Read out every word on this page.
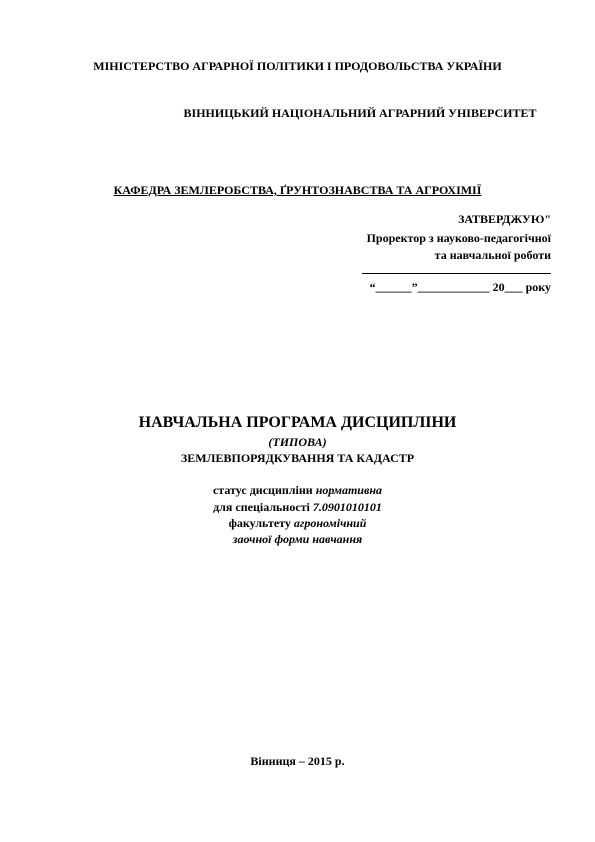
МІНІСТЕРСТВО АГРАРНОЇ ПОЛІТИКИ І ПРОДОВОЛЬСТВА УКРАЇНИ
ВІННИЦЬКИЙ НАЦІОНАЛЬНИЙ АГРАРНИЙ УНІВЕРСИТЕТ
КАФЕДРА ЗЕМЛЕРОБСТВА, ҐРУНТОЗНАВСТВА ТА АГРОХІМІЇ
ЗАТВЕРДЖУЮ"
Проректор з науково-педагогічної
та навчальної роботи
“______”____________ 20___ року
НАВЧАЛЬНА ПРОГРАМА ДИСЦИПЛІНИ
(ТИПОВА)
ЗЕМЛЕВПОРЯДКУВАННЯ ТА КАДАСТР
статус дисципліни нормативна
для спеціальності 7.0901010101
факультету агрономічний
заочної форми навчання
Вінниця – 2015 р.
